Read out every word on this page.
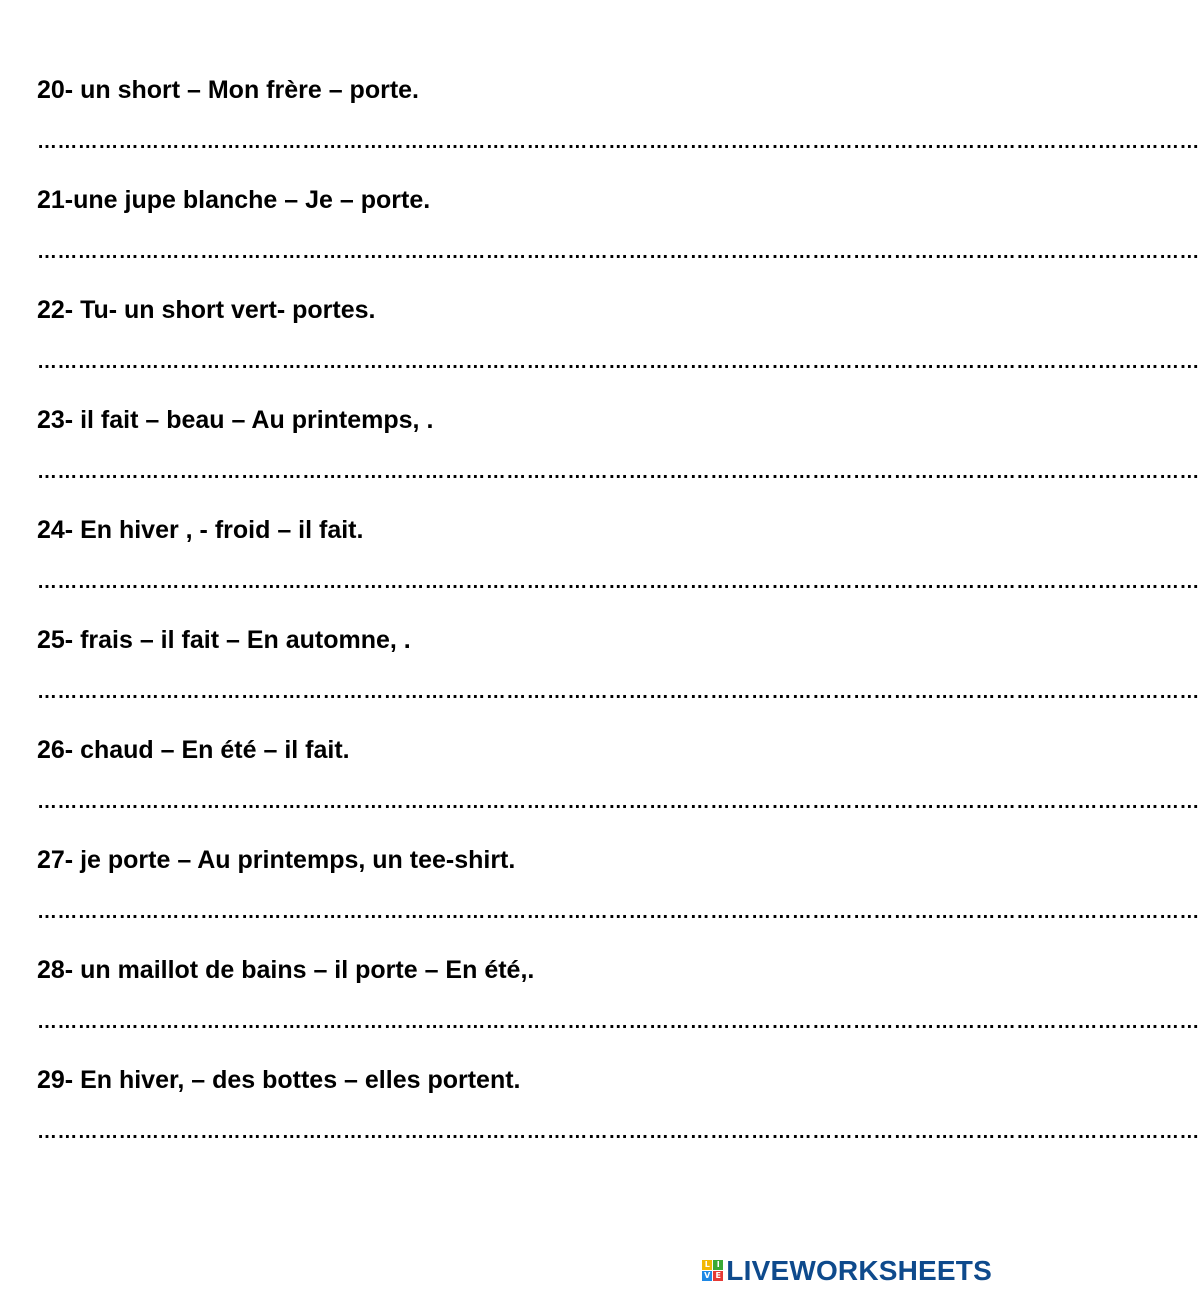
20- un short – Mon frère – porte.
………………………………………………………………………………………………………………………………………………………
21-une jupe blanche – Je – porte.
………………………………………………………………………………………………………………………………………………………
22- Tu- un short vert- portes.
………………………………………………………………………………………………………………………………………………………
23- il fait – beau – Au printemps, .
………………………………………………………………………………………………………………………………………………………
24- En hiver , - froid – il fait.
………………………………………………………………………………………………………………………………………………………
25- frais – il fait – En automne, .
………………………………………………………………………………………………………………………………………………………
26- chaud – En été – il fait.
………………………………………………………………………………………………………………………………………………………
27- je porte – Au printemps, un tee-shirt.
………………………………………………………………………………………………………………………………………………………
28- un maillot de bains – il porte – En été,.
………………………………………………………………………………………………………………………………………………………
29- En hiver, – des bottes – elles portent.
………………………………………………………………………………………………………………………………………………………
L I
V E LIVEWORKSHEETS
